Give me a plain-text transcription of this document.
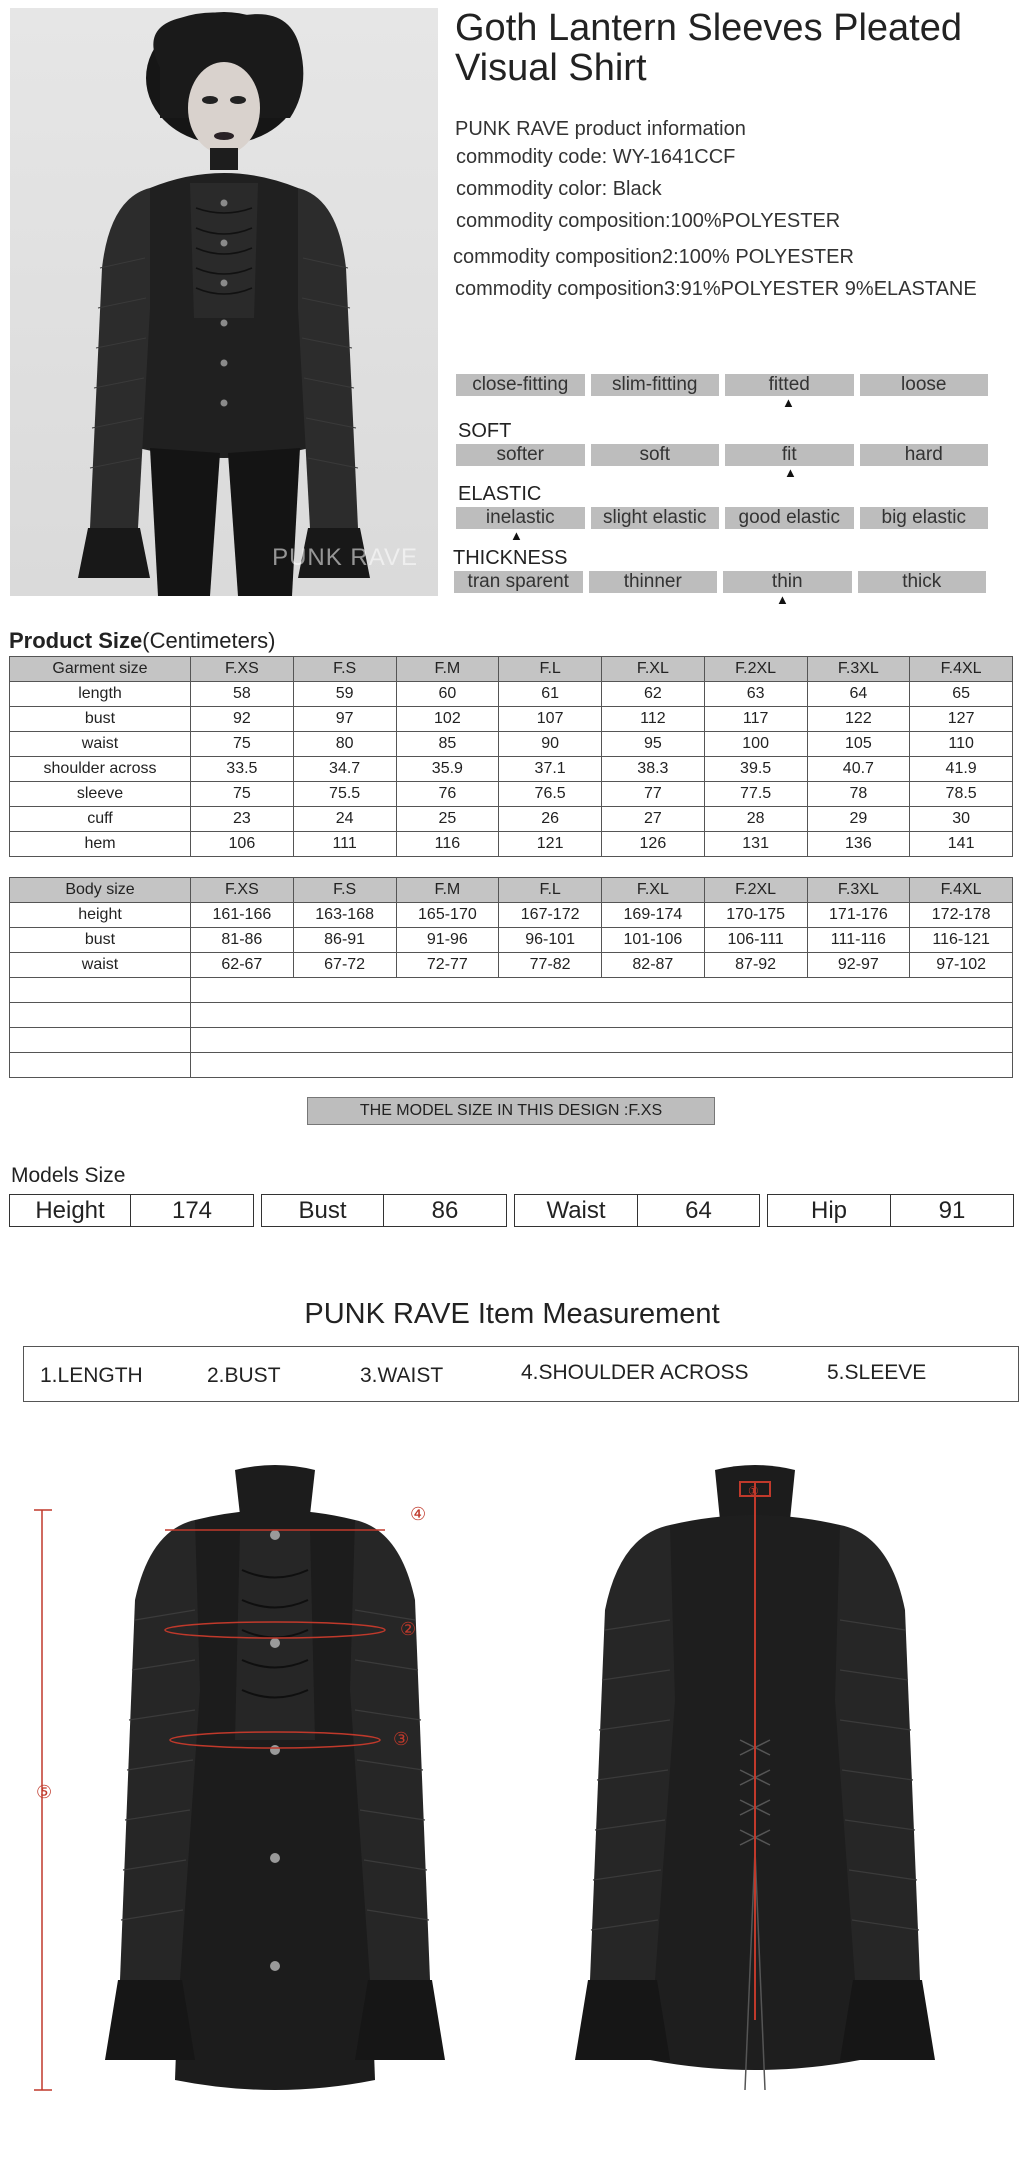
PUNK RAVE
Goth Lantern Sleeves Pleated Visual Shirt
PUNK RAVE product information
commodity code: WY-1641CCF
commodity color: Black
commodity composition:100%POLYESTER
commodity composition2:100% POLYESTER
commodity composition3:91%POLYESTER 9%ELASTANE
close-fitting	slim-fitting	fitted	loose
▲
SOFT
softer	soft	fit	hard
▲
ELASTIC
inelastic	slight elastic	good elastic	big elastic
▲
THICKNESS
tran sparent	thinner	thin	thick
▲
Product Size(Centimeters)
Garment size	F.XS	F.S	F.M	F.L	F.XL	F.2XL	F.3XL	F.4XL
length	58	59	60	61	62	63	64	65
bust	92	97	102	107	112	117	122	127
waist	75	80	85	90	95	100	105	110
shoulder across	33.5	34.7	35.9	37.1	38.3	39.5	40.7	41.9
sleeve	75	75.5	76	76.5	77	77.5	78	78.5
cuff	23	24	25	26	27	28	29	30
hem	106	111	116	121	126	131	136	141
Body size	F.XS	F.S	F.M	F.L	F.XL	F.2XL	F.3XL	F.4XL
height	161-166	163-168	165-170	167-172	169-174	170-175	171-176	172-178
bust	81-86	86-91	91-96	96-101	101-106	106-111	111-116	116-121
waist	62-67	67-72	72-77	77-82	82-87	87-92	92-97	97-102

THE MODEL SIZE IN THIS DESIGN :F.XS
Models Size
Height	174	Bust	86	Waist	64	Hip	91
PUNK RAVE Item Measurement
1.LENGTH	2.BUST	3.WAIST	4.SHOULDER ACROSS	5.SLEEVE
⑤
④
②
③
①
